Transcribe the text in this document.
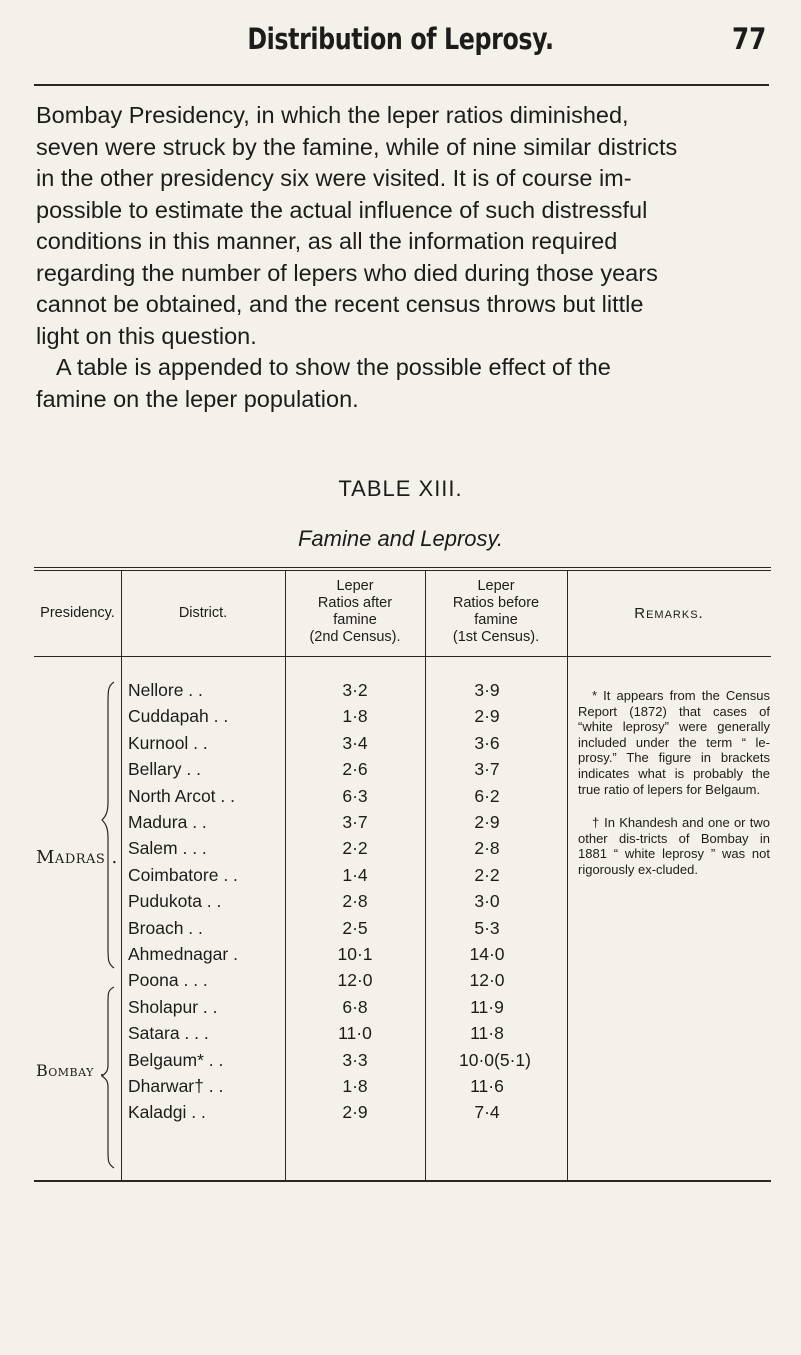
Distribution of Leprosy.	77
Bombay Presidency, in which the leper ratios diminished,
seven were struck by the famine, while of nine similar districts
in the other presidency six were visited. It is of course im-
possible to estimate the actual influence of such distressful
conditions in this manner, as all the information required
regarding the number of lepers who died during those years
cannot be obtained, and the recent census throws but little
light on this question.
A table is appended to show the possible effect of the
famine on the leper population.
TABLE XIII.
Famine and Leprosy.
Presidency.	District.
Leper
Ratios after
famine
(2nd Census).
Leper
Ratios before
famine
(1st Census).
Remarks.
Madras .
Bombay .
Nellore . .	3·2	3·9
Cuddapah . .	1·8	2·9
Kurnool . .	3·4	3·6
Bellary . .	2·6	3·7
North Arcot . .	6·3	6·2
Madura . .	3·7	2·9
Salem . . .	2·2	2·8
Coimbatore . .	1·4	2·2
Pudukota . .	2·8	3·0
Broach . .	2·5	5·3
Ahmednagar .	10·1	14·0
Poona . . .	12·0	12·0
Sholapur . .	6·8	11·9
Satara . . .	11·0	11·8
Belgaum* . .	3·3	10·0(5·1)
Dharwar† . .	1·8	11·6
Kaladgi . .	2·9	7·4

* It appears from the Census Report (1872) that cases of “white leprosy” were generally included under the term “ le-prosy.” The figure in brackets indicates what is probably the true ratio of lepers for Belgaum.

† In Khandesh and one or two other dis-tricts of Bombay in 1881 “ white leprosy ” was not rigorously ex-cluded.
